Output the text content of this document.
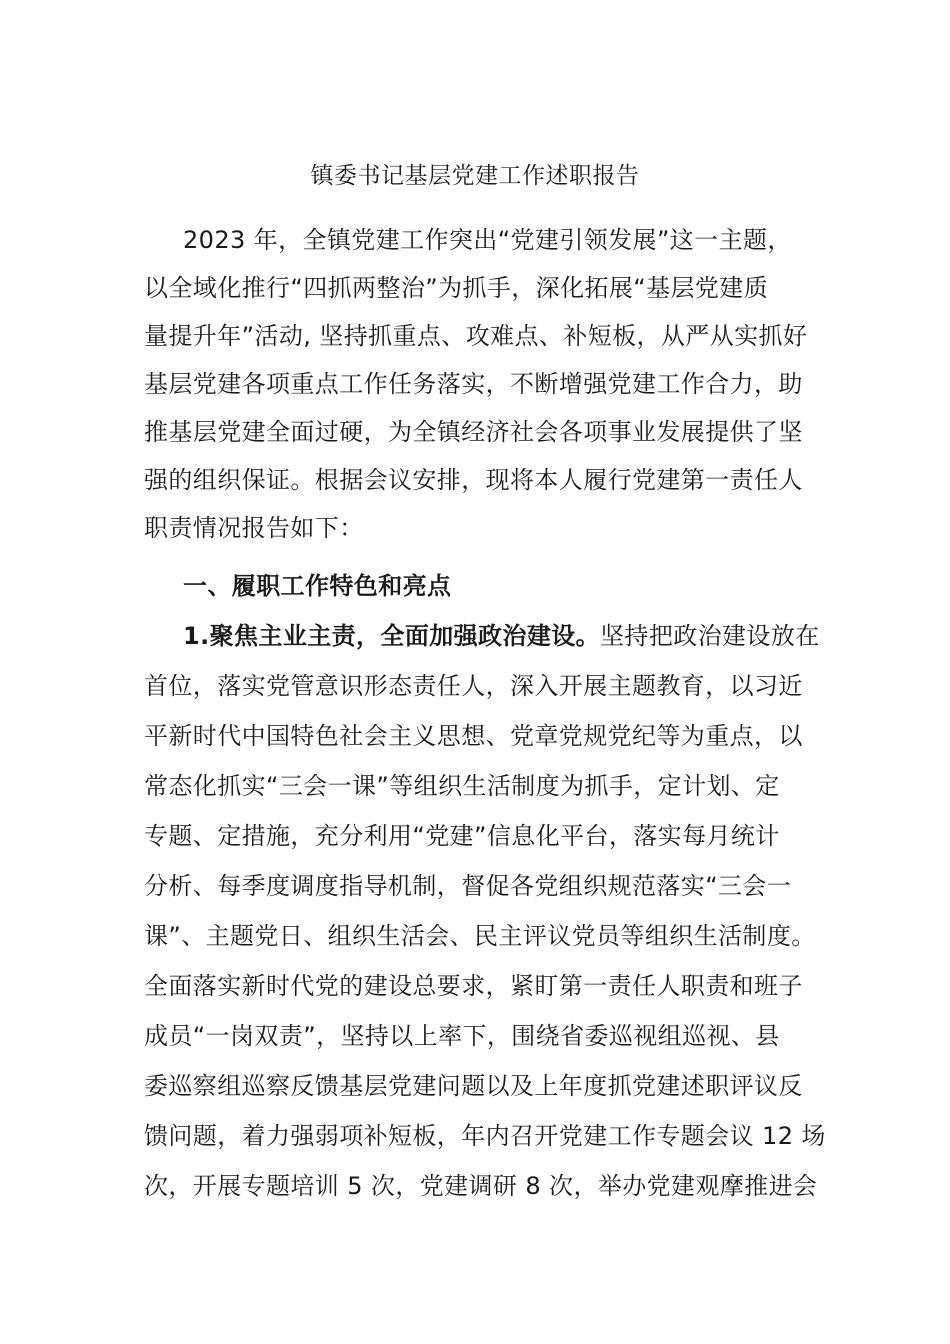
镇委书记基层党建工作述职报告
2023 年，全镇党建工作突出“党建引领发展”这一主题，
以全域化推行“四抓两整治”为抓手，深化拓展“基层党建质
量提升年”活动, 坚持抓重点、攻难点、补短板，从严从实抓好
基层党建各项重点工作任务落实，不断增强党建工作合力，助
推基层党建全面过硬，为全镇经济社会各项事业发展提供了坚
强的组织保证。根据会议安排，现将本人履行党建第一责任人
职责情况报告如下：
一、履职工作特色和亮点
1.聚焦主业主责，全面加强政治建设。坚持把政治建设放在
首位，落实党管意识形态责任人，深入开展主题教育，以习近
平新时代中国特色社会主义思想、党章党规党纪等为重点，以
常态化抓实“三会一课”等组织生活制度为抓手，定计划、定
专题、定措施，充分利用“党建”信息化平台，落实每月统计
分析、每季度调度指导机制，督促各党组织规范落实“三会一
课”、主题党日、组织生活会、民主评议党员等组织生活制度。
全面落实新时代党的建设总要求，紧盯第一责任人职责和班子
成员“一岗双责”，坚持以上率下，围绕省委巡视组巡视、县
委巡察组巡察反馈基层党建问题以及上年度抓党建述职评议反
馈问题，着力强弱项补短板，年内召开党建工作专题会议 12 场
次，开展专题培训 5 次，党建调研 8 次，举办党建观摩推进会
